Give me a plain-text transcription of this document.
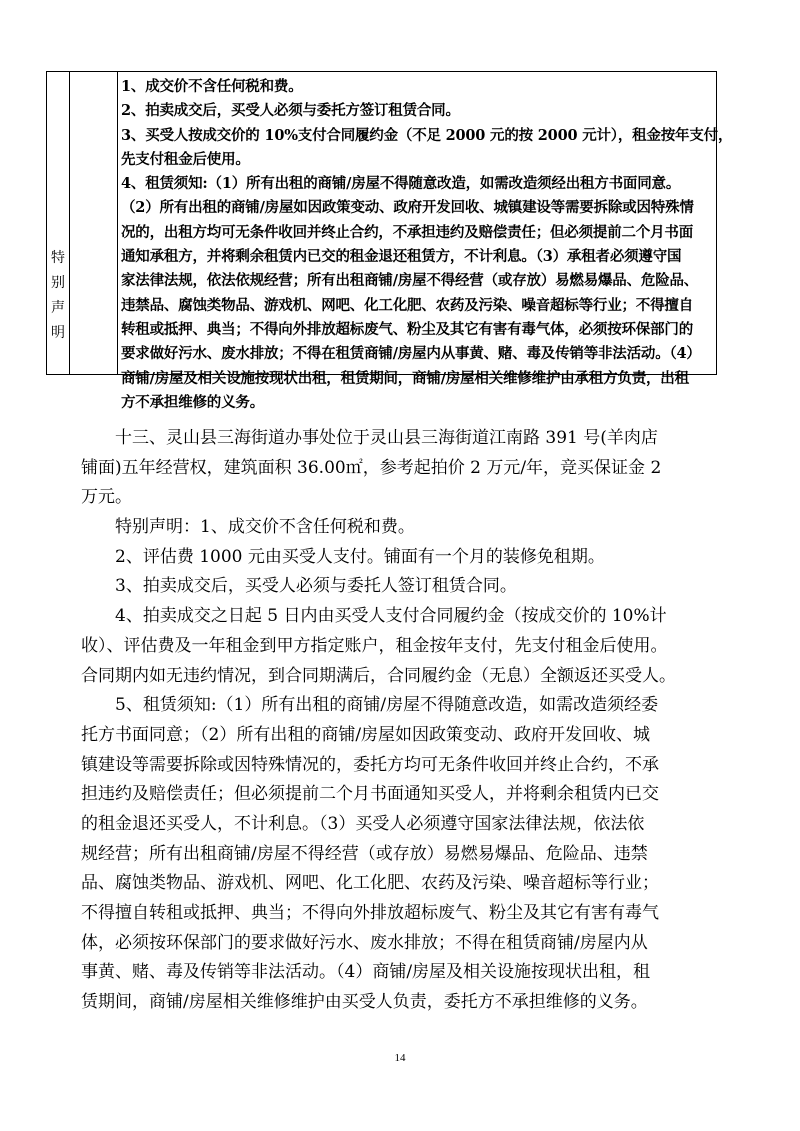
特
别
声
明
1、成交价不含任何税和费。
2、拍卖成交后，买受人必须与委托方签订租赁合同。
3、买受人按成交价的 10%支付合同履约金（不足 2000 元的按 2000 元计），租金按年支付，
先支付租金后使用。
4、租赁须知:（1）所有出租的商铺/房屋不得随意改造，如需改造须经出租方书面同意。
（2）所有出租的商铺/房屋如因政策变动、政府开发回收、城镇建设等需要拆除或因特殊情
况的，出租方均可无条件收回并终止合约，不承担违约及赔偿责任；但必须提前二个月书面
通知承租方，并将剩余租赁内已交的租金退还租赁方，不计利息。（3）承租者必须遵守国
家法律法规，依法依规经营；所有出租商铺/房屋不得经营（或存放）易燃易爆品、危险品、
违禁品、腐蚀类物品、游戏机、网吧、化工化肥、农药及污染、噪音超标等行业；不得擅自
转租或抵押、典当；不得向外排放超标废气、粉尘及其它有害有毒气体，必须按环保部门的
要求做好污水、废水排放；不得在租赁商铺/房屋内从事黄、赌、毒及传销等非法活动。（4）
商铺/房屋及相关设施按现状出租，租赁期间，商铺/房屋相关维修维护由承租方负责，出租
方不承担维修的义务。
十三、灵山县三海街道办事处位于灵山县三海街道江南路 391 号(羊肉店
铺面)五年经营权，建筑面积 36.00㎡，参考起拍价 2 万元/年，竞买保证金 2
万元。
特别声明：1、成交价不含任何税和费。
2、评估费 1000 元由买受人支付。铺面有一个月的装修免租期。
3、拍卖成交后，买受人必须与委托人签订租赁合同。
4、拍卖成交之日起 5 日内由买受人支付合同履约金（按成交价的 10%计
收）、评估费及一年租金到甲方指定账户，租金按年支付，先支付租金后使用。
合同期内如无违约情况，到合同期满后，合同履约金（无息）全额返还买受人。
5、租赁须知:（1）所有出租的商铺/房屋不得随意改造，如需改造须经委
托方书面同意；（2）所有出租的商铺/房屋如因政策变动、政府开发回收、城
镇建设等需要拆除或因特殊情况的，委托方均可无条件收回并终止合约，不承
担违约及赔偿责任；但必须提前二个月书面通知买受人，并将剩余租赁内已交
的租金退还买受人，不计利息。（3）买受人必须遵守国家法律法规，依法依
规经营；所有出租商铺/房屋不得经营（或存放）易燃易爆品、危险品、违禁
品、腐蚀类物品、游戏机、网吧、化工化肥、农药及污染、噪音超标等行业；
不得擅自转租或抵押、典当；不得向外排放超标废气、粉尘及其它有害有毒气
体，必须按环保部门的要求做好污水、废水排放；不得在租赁商铺/房屋内从
事黄、赌、毒及传销等非法活动。（4）商铺/房屋及相关设施按现状出租，租
赁期间，商铺/房屋相关维修维护由买受人负责，委托方不承担维修的义务。
14
